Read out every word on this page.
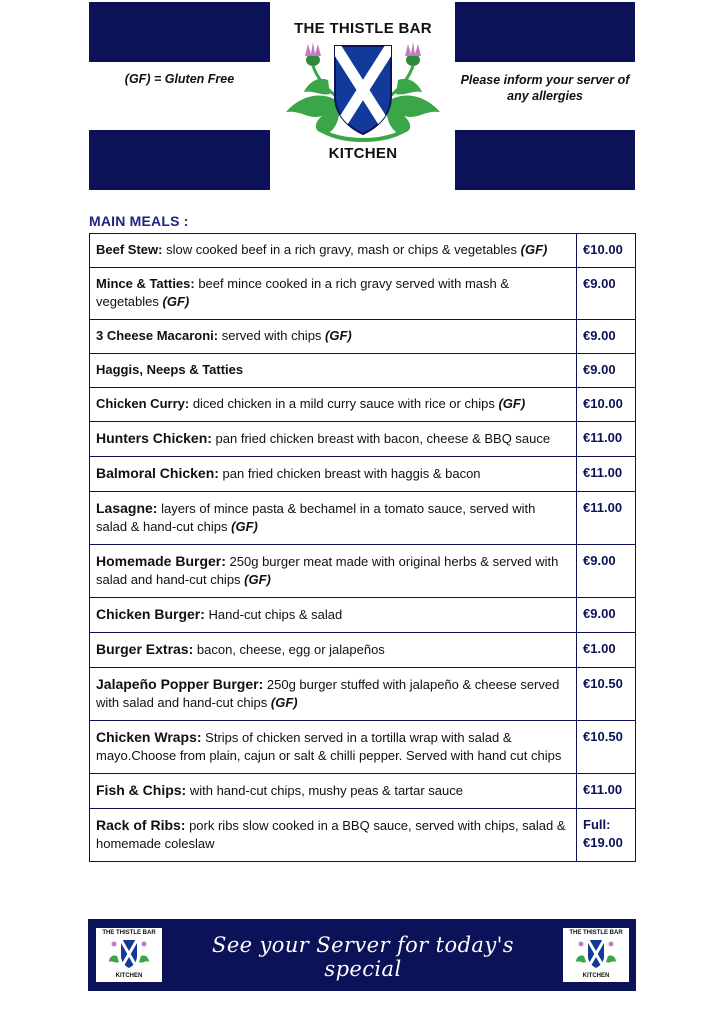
(GF) = Gluten Free	Please inform your server of any allergies
THE THISTLE BAR
KITCHEN
MAIN MEALS :
Beef Stew: slow cooked beef in a rich gravy, mash or chips & vegetables (GF)	€10.00

Mince & Tatties: beef mince cooked in a rich gravy served with mash & vegetables (GF)	€9.00

3 Cheese Macaroni: served with chips (GF)	€9.00

Haggis, Neeps & Tatties	€9.00

Chicken Curry: diced chicken in a mild curry sauce with rice or chips (GF)	€10.00

Hunters Chicken: pan fried chicken breast with bacon, cheese & BBQ sauce	€11.00

Balmoral Chicken: pan fried chicken breast with haggis & bacon	€11.00

Lasagne: layers of mince pasta & bechamel in a tomato sauce, served with salad & hand-cut chips (GF)	€11.00

Homemade Burger: 250g burger meat made with original herbs & served with salad and hand-cut chips (GF)	€9.00

Chicken Burger: Hand-cut chips & salad	€9.00

Burger Extras: bacon, cheese, egg or jalapeños	€1.00

Jalapeño Popper Burger: 250g burger stuffed with jalapeño & cheese served with salad and hand-cut chips (GF)	€10.50

Chicken Wraps: Strips of chicken served in a tortilla wrap with salad & mayo.Choose from plain, cajun or salt & chilli pepper. Served with hand cut chips	€10.50

Fish & Chips: with hand-cut chips, mushy peas & tartar sauce	€11.00

Rack of Ribs: pork ribs slow cooked in a BBQ sauce, served with chips, salad & homemade coleslaw	Full:
€19.00
THE THISTLE BAR
KITCHEN
See your Server for today's special
THE THISTLE BAR
KITCHEN
